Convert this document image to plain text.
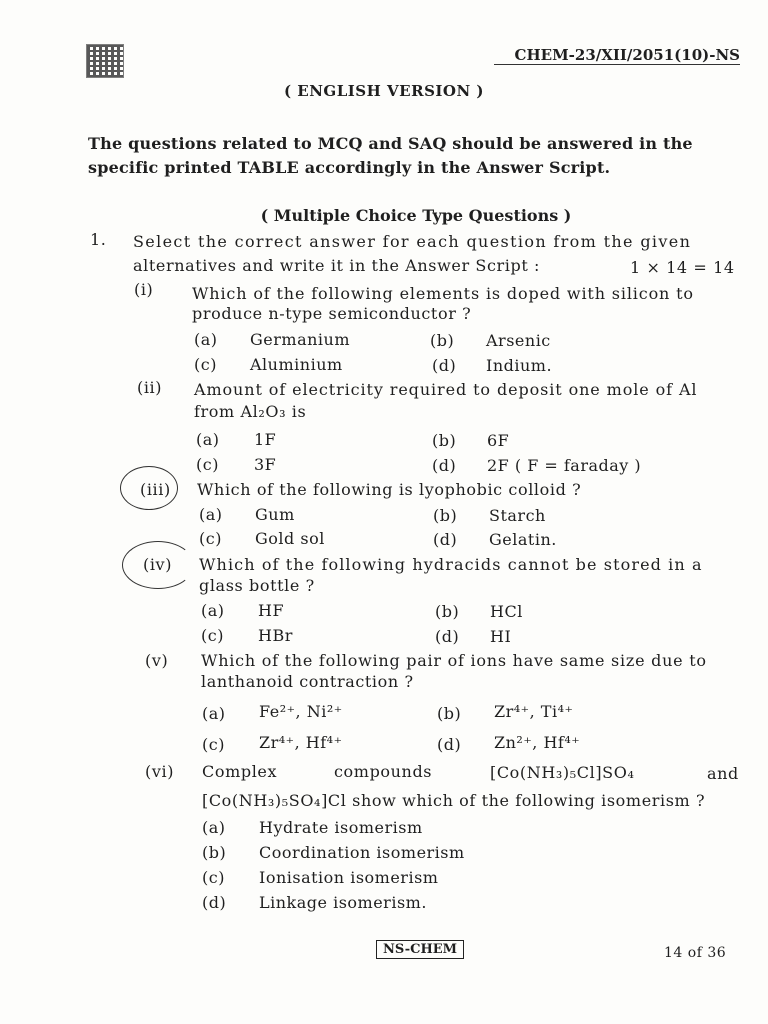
CHEM-23/XII/2051(10)-NS
( ENGLISH VERSION )
The questions related to MCQ and SAQ should be answered in the
specific printed TABLE accordingly in the Answer Script.
( Multiple Choice Type Questions )
1. Select the correct answer for each question from the given
alternatives and write it in the Answer Script :	1 × 14 = 14
(i) Which of the following elements is doped with silicon to
produce n-type semiconductor ?
(a) Germanium	(b) Arsenic
(c) Aluminium	(d) Indium.
(ii) Amount of electricity required to deposit one mole of Al
from Al₂O₃ is
(a) 1F	(b) 6F
(c) 3F	(d) 2F ( F = faraday )
(iii) Which of the following is lyophobic colloid ?
(a) Gum	(b) Starch
(c) Gold sol	(d) Gelatin.
(iv) Which of the following hydracids cannot be stored in a
glass bottle ?
(a) HF	(b) HCl
(c) HBr	(d) HI
(v) Which of the following pair of ions have same size due to
lanthanoid contraction ?
(a) Fe²⁺, Ni²⁺	(b) Zr⁴⁺, Ti⁴⁺
(c) Zr⁴⁺, Hf⁴⁺	(d) Zn²⁺, Hf⁴⁺
(vi) Complex	compounds	[Co(NH₃)₅Cl]SO₄	and
[Co(NH₃)₅SO₄]Cl show which of the following isomerism ?
(a) Hydrate isomerism
(b) Coordination isomerism
(c) Ionisation isomerism
(d) Linkage isomerism.
NS-CHEM	14 of 36
